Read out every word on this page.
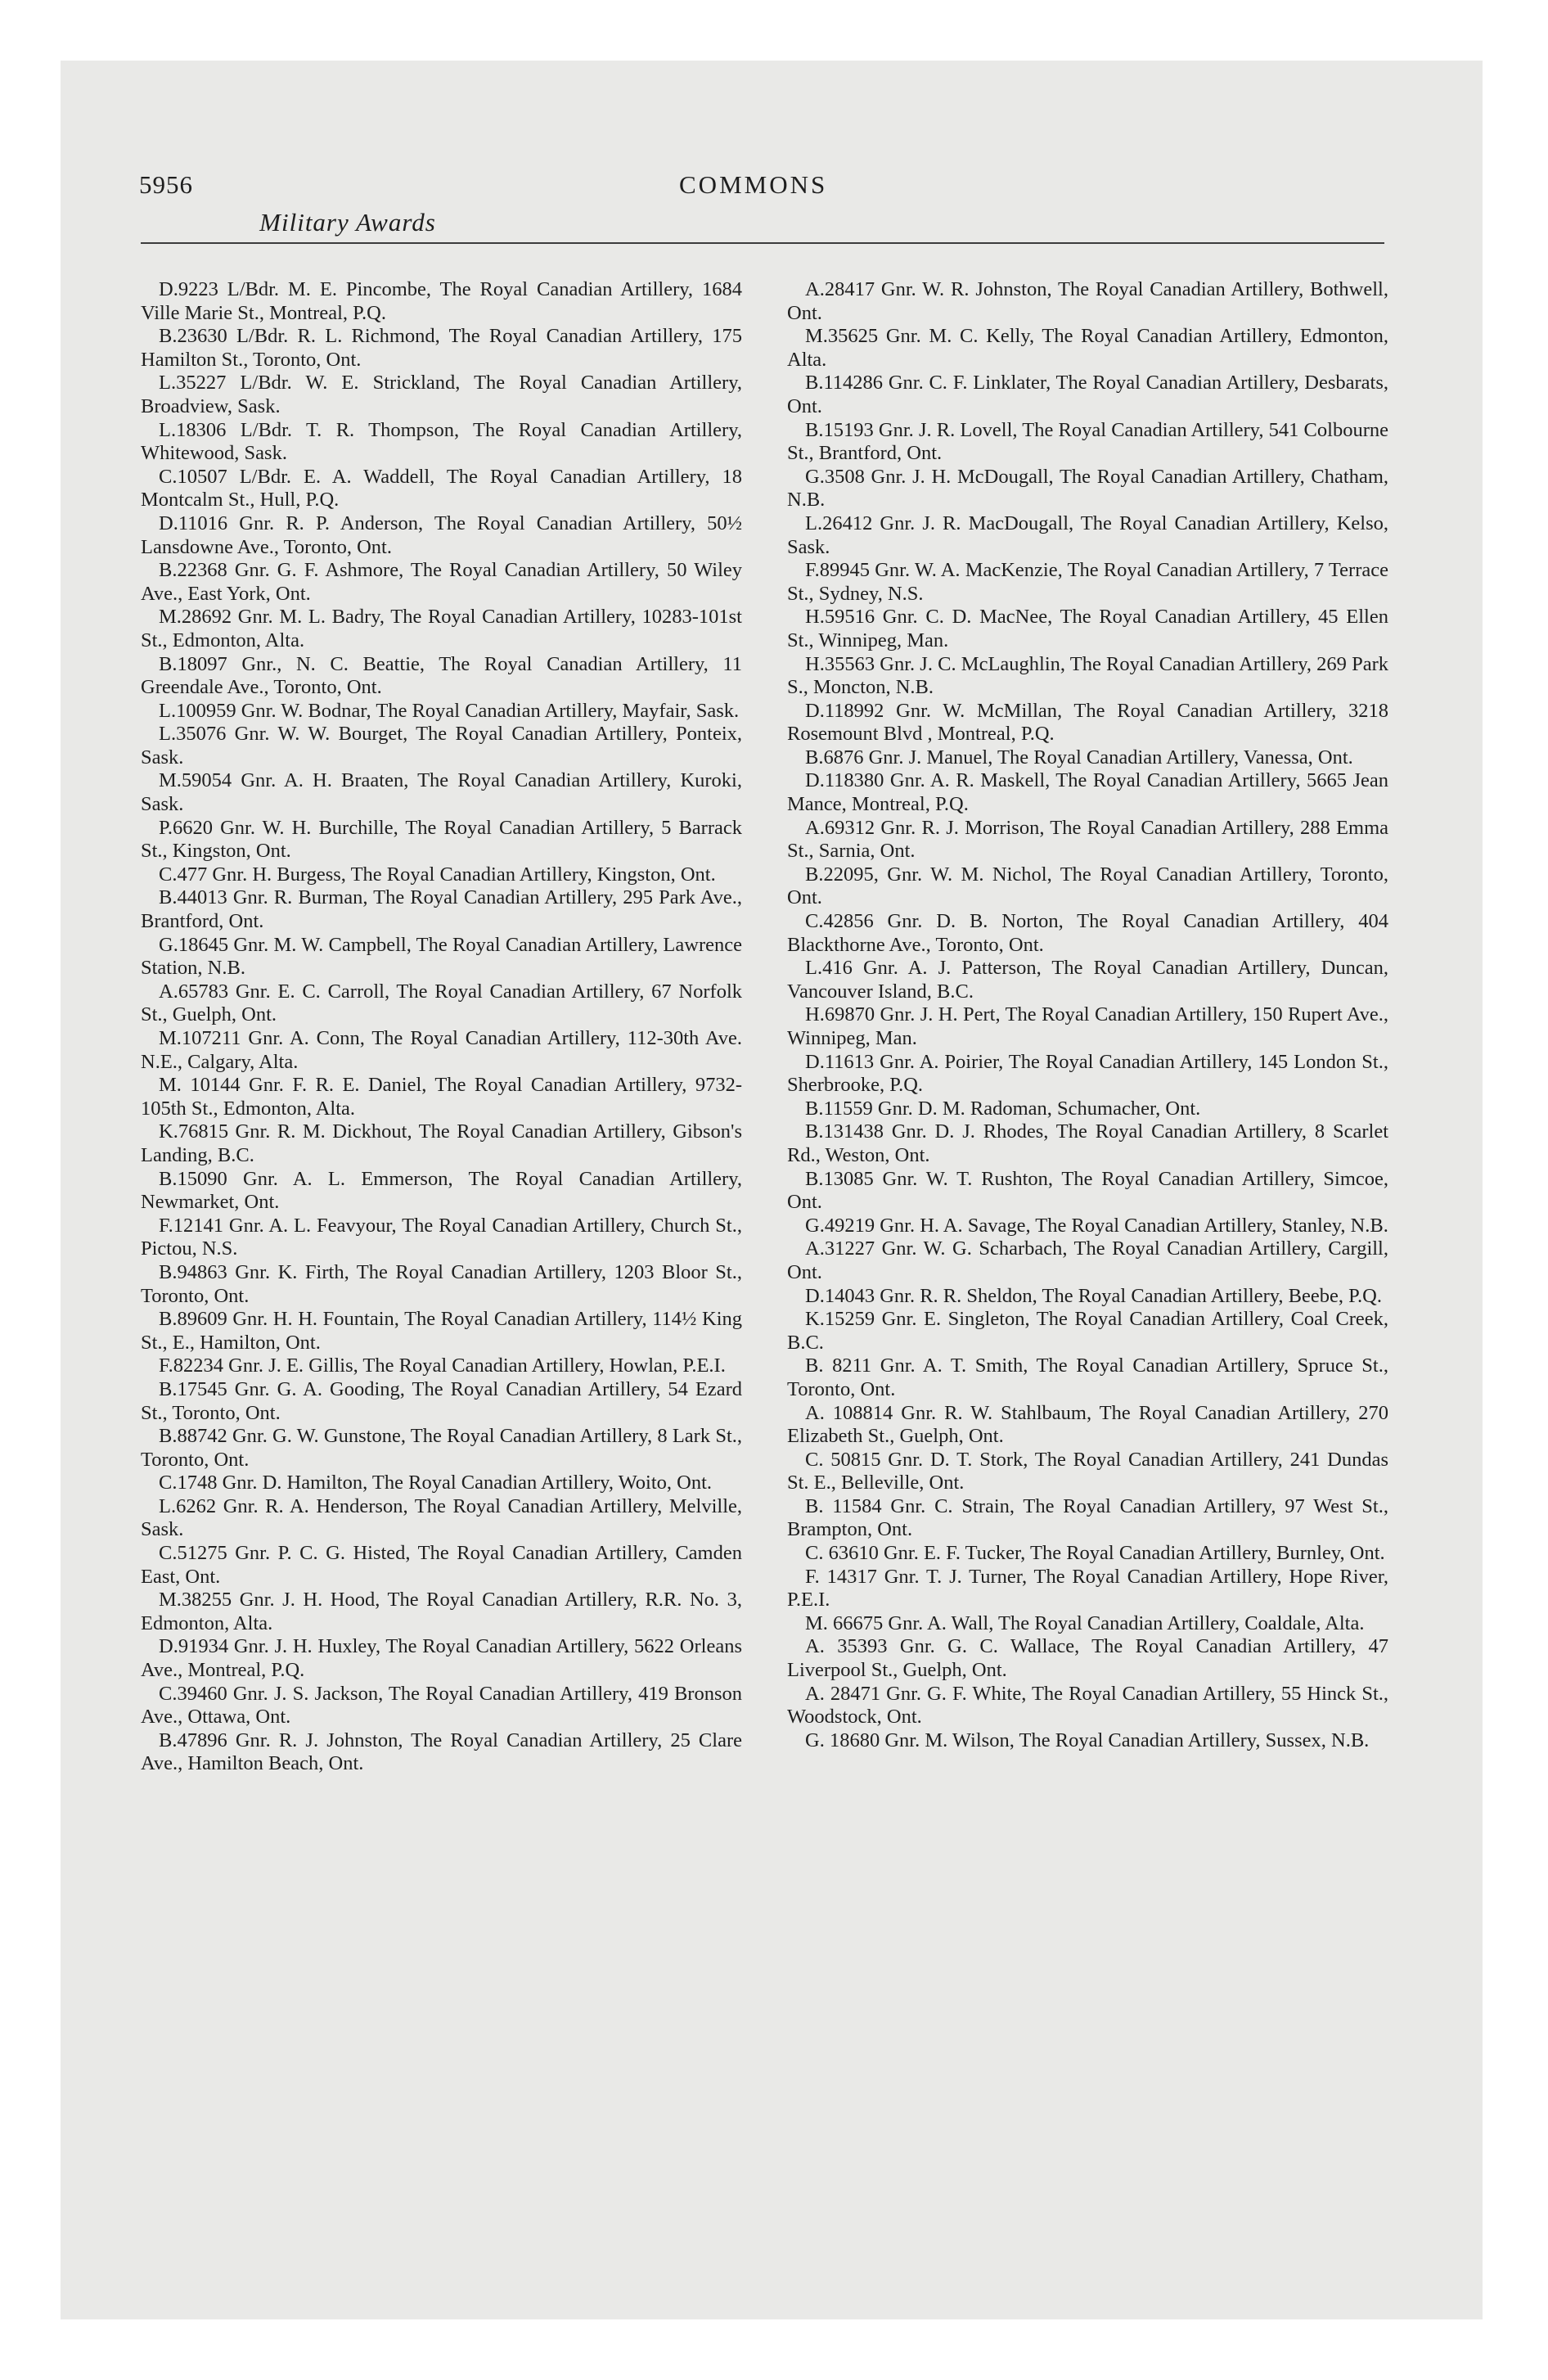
5956
Military Awards
COMMONS

D.9223 L/Bdr. M. E. Pincombe, The Royal Canadian Artillery, 1684 Ville Marie St., Montreal, P.Q.

B.23630 L/Bdr. R. L. Richmond, The Royal Canadian Artillery, 175 Hamilton St., Toronto, Ont.

L.35227 L/Bdr. W. E. Strickland, The Royal Canadian Artillery, Broadview, Sask.

L.18306 L/Bdr. T. R. Thompson, The Royal Canadian Artillery, Whitewood, Sask.

C.10507 L/Bdr. E. A. Waddell, The Royal Canadian Artillery, 18 Montcalm St., Hull, P.Q.

D.11016 Gnr. R. P. Anderson, The Royal Canadian Artillery, 50½ Lansdowne Ave., Toronto, Ont.

B.22368 Gnr. G. F. Ashmore, The Royal Canadian Artillery, 50 Wiley Ave., East York, Ont.

M.28692 Gnr. M. L. Badry, The Royal Canadian Artillery, 10283-101st St., Edmonton, Alta.

B.18097 Gnr., N. C. Beattie, The Royal Canadian Artillery, 11 Greendale Ave., Toronto, Ont.

L.100959 Gnr. W. Bodnar, The Royal Canadian Artillery, Mayfair, Sask.

L.35076 Gnr. W. W. Bourget, The Royal Canadian Artillery, Ponteix, Sask.

M.59054 Gnr. A. H. Braaten, The Royal Canadian Artillery, Kuroki, Sask.

P.6620 Gnr. W. H. Burchille, The Royal Canadian Artillery, 5 Barrack St., Kingston, Ont.

C.477 Gnr. H. Burgess, The Royal Canadian Artillery, Kingston, Ont.

B.44013 Gnr. R. Burman, The Royal Canadian Artillery, 295 Park Ave., Brantford, Ont.

G.18645 Gnr. M. W. Campbell, The Royal Canadian Artillery, Lawrence Station, N.B.

A.65783 Gnr. E. C. Carroll, The Royal Canadian Artillery, 67 Norfolk St., Guelph, Ont.

M.107211 Gnr. A. Conn, The Royal Canadian Artillery, 112-30th Ave. N.E., Calgary, Alta.

M. 10144 Gnr. F. R. E. Daniel, The Royal Canadian Artillery, 9732-105th St., Edmonton, Alta.

K.76815 Gnr. R. M. Dickhout, The Royal Canadian Artillery, Gibson's Landing, B.C.

B.15090 Gnr. A. L. Emmerson, The Royal Canadian Artillery, Newmarket, Ont.

F.12141 Gnr. A. L. Feavyour, The Royal Canadian Artillery, Church St., Pictou, N.S.

B.94863 Gnr. K. Firth, The Royal Canadian Artillery, 1203 Bloor St., Toronto, Ont.

B.89609 Gnr. H. H. Fountain, The Royal Canadian Artillery, 114½ King St., E., Hamilton, Ont.

F.82234 Gnr. J. E. Gillis, The Royal Canadian Artillery, Howlan, P.E.I.

B.17545 Gnr. G. A. Gooding, The Royal Canadian Artillery, 54 Ezard St., Toronto, Ont.

B.88742 Gnr. G. W. Gunstone, The Royal Canadian Artillery, 8 Lark St., Toronto, Ont.

C.1748 Gnr. D. Hamilton, The Royal Canadian Artillery, Woito, Ont.

L.6262 Gnr. R. A. Henderson, The Royal Canadian Artillery, Melville, Sask.

C.51275 Gnr. P. C. G. Histed, The Royal Canadian Artillery, Camden East, Ont.

M.38255 Gnr. J. H. Hood, The Royal Canadian Artillery, R.R. No. 3, Edmonton, Alta.

D.91934 Gnr. J. H. Huxley, The Royal Canadian Artillery, 5622 Orleans Ave., Montreal, P.Q.

C.39460 Gnr. J. S. Jackson, The Royal Canadian Artillery, 419 Bronson Ave., Ottawa, Ont.

B.47896 Gnr. R. J. Johnston, The Royal Canadian Artillery, 25 Clare Ave., Hamilton Beach, Ont.

A.28417 Gnr. W. R. Johnston, The Royal Canadian Artillery, Bothwell, Ont.

M.35625 Gnr. M. C. Kelly, The Royal Canadian Artillery, Edmonton, Alta.

B.114286 Gnr. C. F. Linklater, The Royal Canadian Artillery, Desbarats, Ont.

B.15193 Gnr. J. R. Lovell, The Royal Canadian Artillery, 541 Colbourne St., Brantford, Ont.

G.3508 Gnr. J. H. McDougall, The Royal Canadian Artillery, Chatham, N.B.

L.26412 Gnr. J. R. MacDougall, The Royal Canadian Artillery, Kelso, Sask.

F.89945 Gnr. W. A. MacKenzie, The Royal Canadian Artillery, 7 Terrace St., Sydney, N.S.

H.59516 Gnr. C. D. MacNee, The Royal Canadian Artillery, 45 Ellen St., Winnipeg, Man.

H.35563 Gnr. J. C. McLaughlin, The Royal Canadian Artillery, 269 Park S., Moncton, N.B.

D.118992 Gnr. W. McMillan, The Royal Canadian Artillery, 3218 Rosemount Blvd , Montreal, P.Q.

B.6876 Gnr. J. Manuel, The Royal Canadian Artillery, Vanessa, Ont.

D.118380 Gnr. A. R. Maskell, The Royal Canadian Artillery, 5665 Jean Mance, Montreal, P.Q.

A.69312 Gnr. R. J. Morrison, The Royal Canadian Artillery, 288 Emma St., Sarnia, Ont.

B.22095, Gnr. W. M. Nichol, The Royal Canadian Artillery, Toronto, Ont.

C.42856 Gnr. D. B. Norton, The Royal Canadian Artillery, 404 Blackthorne Ave., Toronto, Ont.

L.416 Gnr. A. J. Patterson, The Royal Canadian Artillery, Duncan, Vancouver Island, B.C.

H.69870 Gnr. J. H. Pert, The Royal Canadian Artillery, 150 Rupert Ave., Winnipeg, Man.

D.11613 Gnr. A. Poirier, The Royal Canadian Artillery, 145 London St., Sherbrooke, P.Q.

B.11559 Gnr. D. M. Radoman, Schumacher, Ont.

B.131438 Gnr. D. J. Rhodes, The Royal Canadian Artillery, 8 Scarlet Rd., Weston, Ont.

B.13085 Gnr. W. T. Rushton, The Royal Canadian Artillery, Simcoe, Ont.

G.49219 Gnr. H. A. Savage, The Royal Canadian Artillery, Stanley, N.B.

A.31227 Gnr. W. G. Scharbach, The Royal Canadian Artillery, Cargill, Ont.

D.14043 Gnr. R. R. Sheldon, The Royal Canadian Artillery, Beebe, P.Q.

K.15259 Gnr. E. Singleton, The Royal Canadian Artillery, Coal Creek, B.C.

B. 8211 Gnr. A. T. Smith, The Royal Canadian Artillery, Spruce St., Toronto, Ont.

A. 108814 Gnr. R. W. Stahlbaum, The Royal Canadian Artillery, 270 Elizabeth St., Guelph, Ont.

C. 50815 Gnr. D. T. Stork, The Royal Canadian Artillery, 241 Dundas St. E., Belleville, Ont.

B. 11584 Gnr. C. Strain, The Royal Canadian Artillery, 97 West St., Brampton, Ont.

C. 63610 Gnr. E. F. Tucker, The Royal Canadian Artillery, Burnley, Ont.

F. 14317 Gnr. T. J. Turner, The Royal Canadian Artillery, Hope River, P.E.I.

M. 66675 Gnr. A. Wall, The Royal Canadian Artillery, Coaldale, Alta.

A. 35393 Gnr. G. C. Wallace, The Royal Canadian Artillery, 47 Liverpool St., Guelph, Ont.

A. 28471 Gnr. G. F. White, The Royal Canadian Artillery, 55 Hinck St., Woodstock, Ont.

G. 18680 Gnr. M. Wilson, The Royal Canadian Artillery, Sussex, N.B.
